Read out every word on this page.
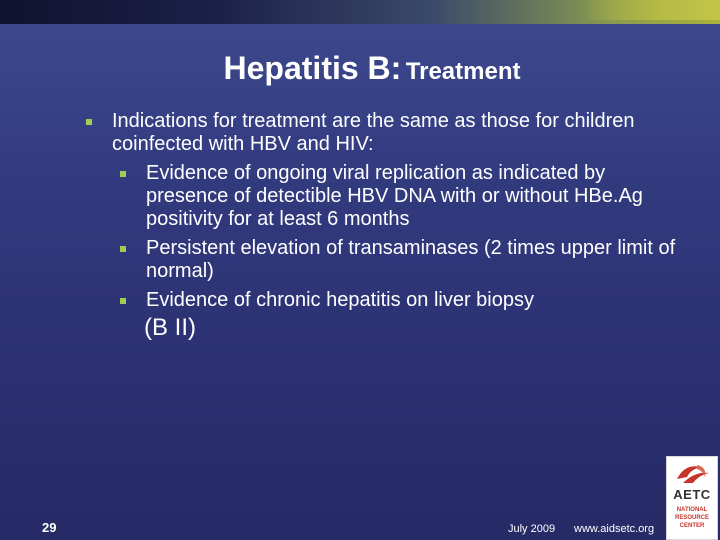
Hepatitis B: Treatment
Indications for treatment are the same as those for children coinfected with HBV and HIV:
Evidence of ongoing viral replication as indicated by presence of detectible HBV DNA with or without HBe.Ag positivity for at least 6 months
Persistent elevation of transaminases (2 times upper limit of normal)
Evidence of chronic hepatitis on liver biopsy
(B II)
29	July 2009 www.aidsetc.org
AETC
NATIONAL
RESOURCE
CENTER
